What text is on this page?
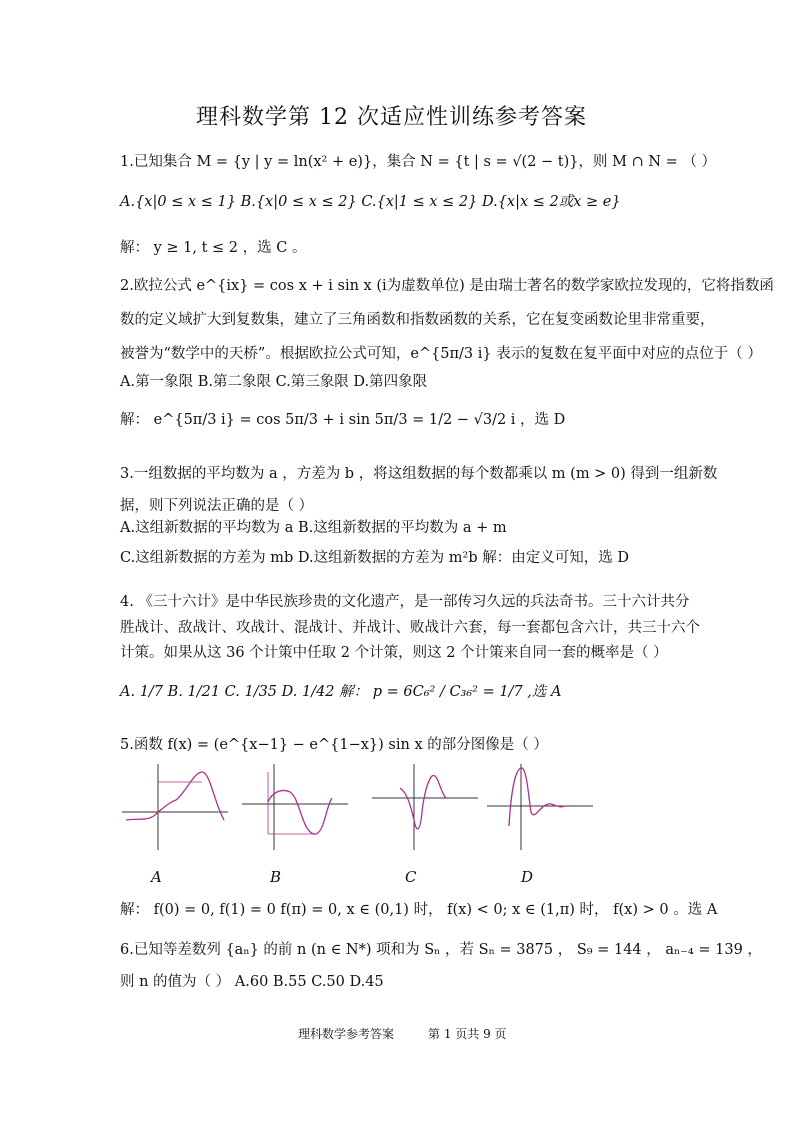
理科数学第 12 次适应性训练参考答案
1.已知集合 M = {y | y = ln(x² + e)}，集合 N = {t | s = √(2 − t)}，则 M ∩ N = （ ）
A.{x|0 ≤ x ≤ 1} B.{x|0 ≤ x ≤ 2} C.{x|1 ≤ x ≤ 2} D.{x|x ≤ 2或x ≥ e}
解： y ≥ 1, t ≤ 2 ，选 C 。
2.欧拉公式 e^{ix} = cos x + i sin x (i为虚数单位) 是由瑞士著名的数学家欧拉发现的，它将指数函
数的定义域扩大到复数集，建立了三角函数和指数函数的关系，它在复变函数论里非常重要，
被誉为“数学中的天桥”。根据欧拉公式可知，e^{5π/3 i} 表示的复数在复平面中对应的点位于（ ）
A.第一象限 B.第二象限 C.第三象限 D.第四象限
解： e^{5π/3 i} = cos 5π/3 + i sin 5π/3 = 1/2 − √3/2 i ，选 D
3.一组数据的平均数为 a ，方差为 b ，将这组数据的每个数都乘以 m (m > 0) 得到一组新数
据，则下列说法正确的是（ ）
A.这组新数据的平均数为 a B.这组新数据的平均数为 a + m
C.这组新数据的方差为 mb D.这组新数据的方差为 m²b 解：由定义可知，选 D
4. 《三十六计》是中华民族珍贵的文化遗产，是一部传习久远的兵法奇书。三十六计共分
胜战计、敌战计、攻战计、混战计、并战计、败战计六套，每一套都包含六计，共三十六个
计策。如果从这 36 个计策中任取 2 个计策，则这 2 个计策来自同一套的概率是（ ）
A. 1/7 B. 1/21 C. 1/35 D. 1/42 解： p = 6C₆² / C₃₆² = 1/7 ,选 A
5.函数 f(x) = (e^{x−1} − e^{1−x}) sin x 的部分图像是（ ）
A	B	C	D
解： f(0) = 0, f(1) = 0 f(π) = 0, x ∈ (0,1) 时， f(x) < 0; x ∈ (1,π) 时， f(x) > 0 。选 A
6.已知等差数列 {aₙ} 的前 n (n ∈ N*) 项和为 Sₙ ，若 Sₙ = 3875 ， S₉ = 144 ， aₙ₋₄ = 139 ，
则 n 的值为（ ） A.60 B.55 C.50 D.45
理科数学参考答案	第 1 页共 9 页
